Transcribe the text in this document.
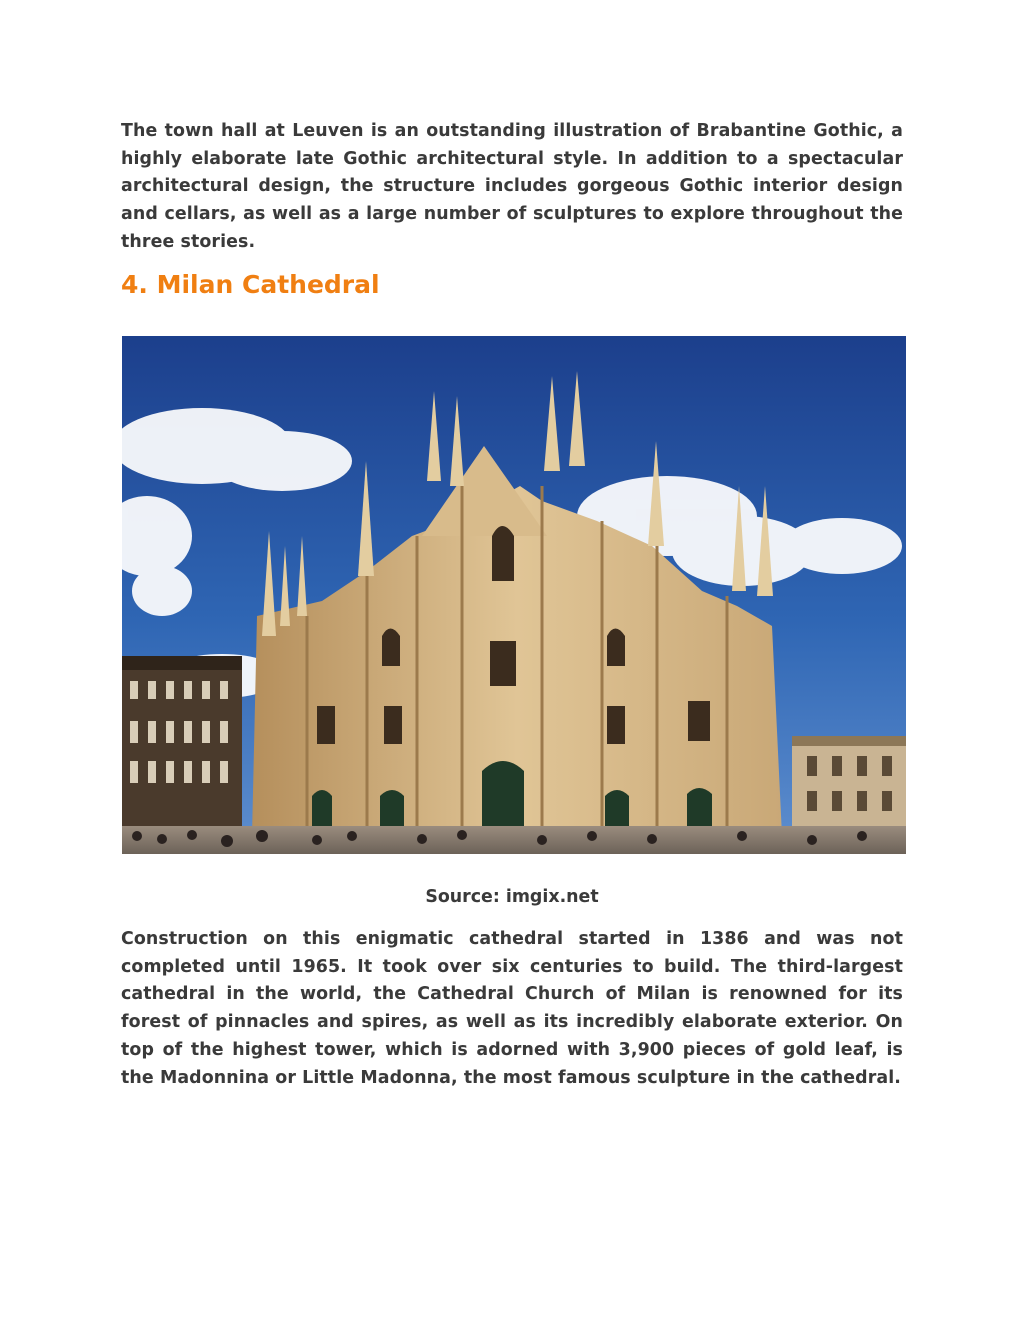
The town hall at Leuven is an outstanding illustration of Brabantine Gothic, a highly elaborate late Gothic architectural style. In addition to a spectacular architectural design, the structure includes gorgeous Gothic interior design and cellars, as well as a large number of sculptures to explore throughout the three stories.

4. Milan Cathedral

Source: imgix.net

Construction on this enigmatic cathedral started in 1386 and was not completed until 1965. It took over six centuries to build. The third-largest cathedral in the world, the Cathedral Church of Milan is renowned for its forest of pinnacles and spires, as well as its incredibly elaborate exterior. On top of the highest tower, which is adorned with 3,900 pieces of gold leaf, is the Madonnina or Little Madonna, the most famous sculpture in the cathedral.
